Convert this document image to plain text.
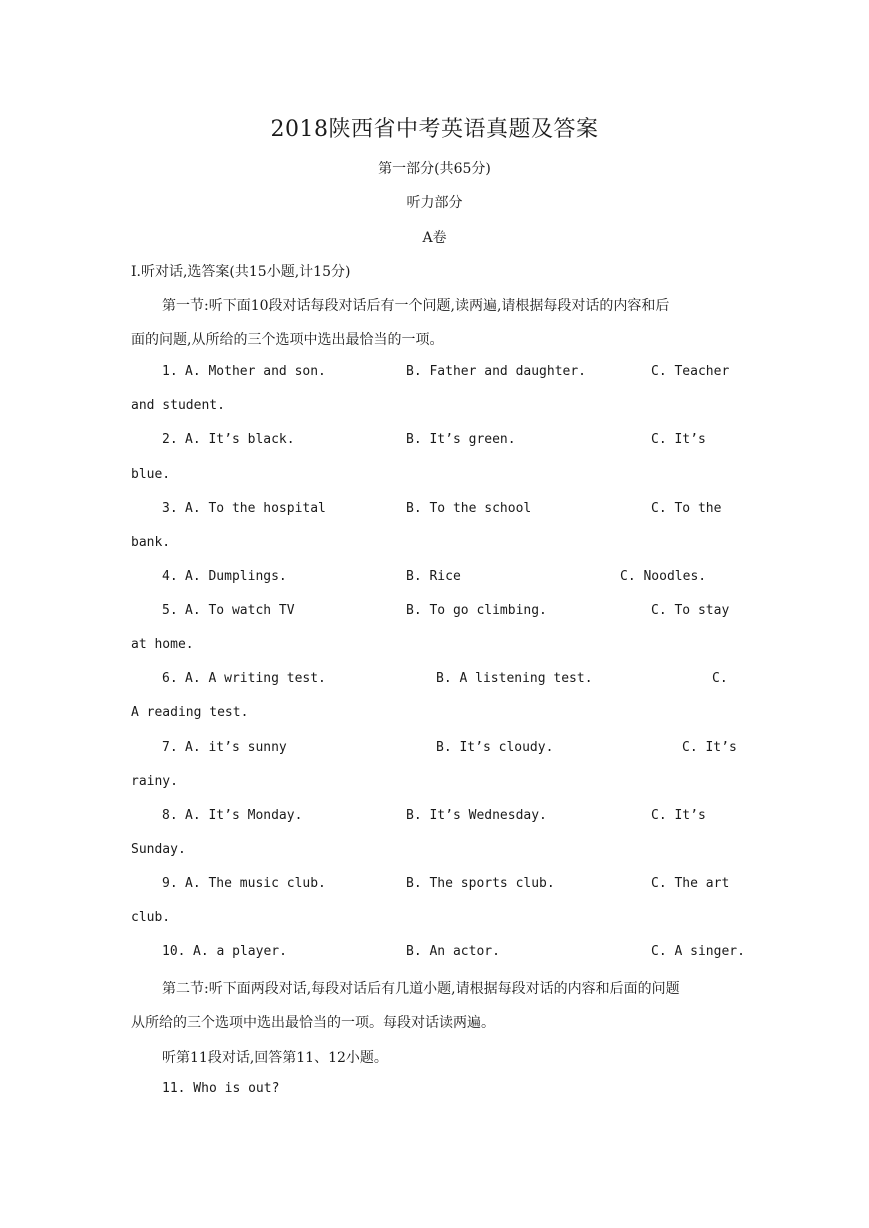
2018陕西省中考英语真题及答案
第一部分(共65分)
听力部分
A卷
I.听对话,选答案(共15小题,计15分)
第一节:听下面10段对话每段对话后有一个问题,读两遍,请根据每段对话的内容和后
面的问题,从所给的三个选项中选出最恰当的一项。
1. A. Mother and son.	B. Father and daughter.	C. Teacher
and student.
2. A. It’s black.	B. It’s green.	C. It’s
blue.
3. A. To the hospital	B. To the school	C. To the
bank.
4. A. Dumplings.	B. Rice	C. Noodles.
5. A. To watch TV	B. To go climbing.	C. To stay
at home.
6. A. A writing test.	B. A listening test.	C.
A reading test.
7. A. it’s sunny	B. It’s cloudy.	C. It’s
rainy.
8. A. It’s Monday.	B. It’s Wednesday.	C. It’s
Sunday.
9. A. The music club.	B. The sports club.	C. The art
club.
10. A. a player.	B. An actor.	C. A singer.
第二节:听下面两段对话,每段对话后有几道小题,请根据每段对话的内容和后面的问题
从所给的三个选项中选出最恰当的一项。每段对话读两遍。
听第11段对话,回答第11、12小题。
11. Who is out?
